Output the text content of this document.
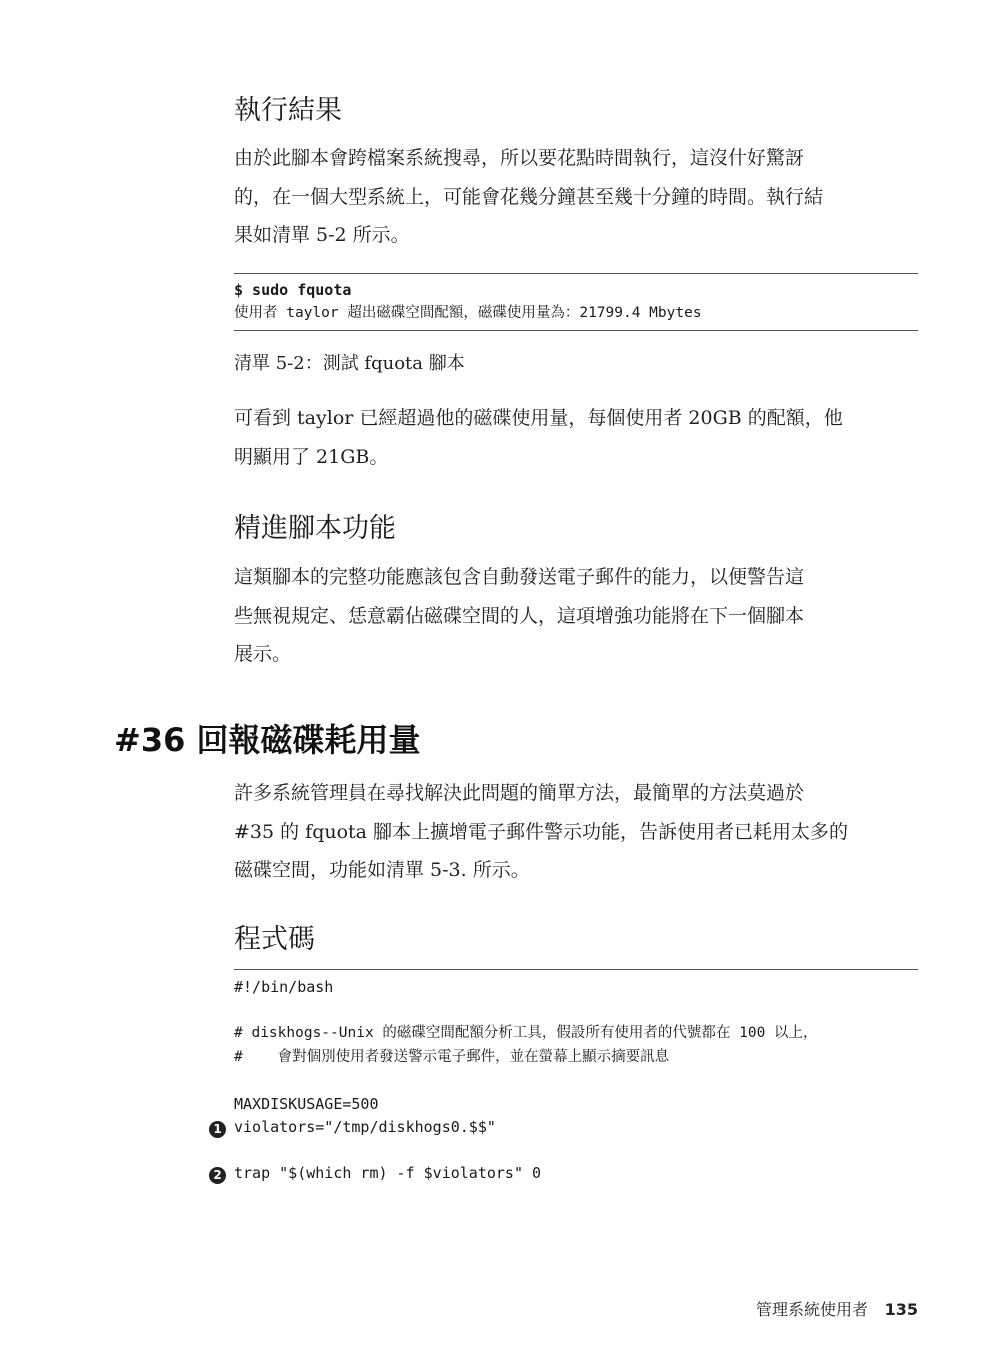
執行結果
由於此腳本會跨檔案系統搜尋，所以要花點時間執行，這沒什好驚訝
的，在一個大型系統上，可能會花幾分鐘甚至幾十分鐘的時間。執行結
果如清單 5-2 所示。
$ sudo fquota
使用者 taylor 超出磁碟空間配額，磁碟使用量為：21799.4 Mbytes
清單 5-2：測試 fquota 腳本
可看到 taylor 已經超過他的磁碟使用量，每個使用者 20GB 的配額，他
明顯用了 21GB。
精進腳本功能
這類腳本的完整功能應該包含自動發送電子郵件的能力，以便警告這
些無視規定、恁意霸佔磁碟空間的人，這項增強功能將在下一個腳本
展示。
#36 回報磁碟耗用量
許多系統管理員在尋找解決此問題的簡單方法，最簡單的方法莫過於
#35 的 fquota 腳本上擴增電子郵件警示功能，告訴使用者已耗用太多的
磁碟空間，功能如清單 5-3. 所示。
程式碼
#!/bin/bash
# diskhogs--Unix 的磁碟空間配額分析工具，假設所有使用者的代號都在 100 以上，
#    會對個別使用者發送警示電子郵件，並在螢幕上顯示摘要訊息
MAXDISKUSAGE=500
1 violators="/tmp/diskhogs0.$$"
2 trap "$(which rm) -f $violators" 0
管理系統使用者 135
